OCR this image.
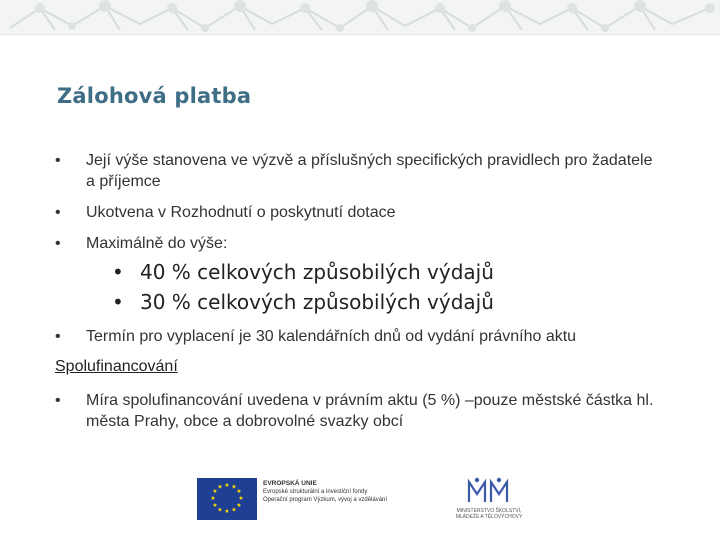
Zálohová platba
•	Její výše stanovena ve výzvě a příslušných specifických pravidlech pro žadatele a příjemce
•	Ukotvena v Rozhodnutí o poskytnutí dotace
•	Maximálně do výše:
• 40 % celkových způsobilých výdajů
• 30 % celkových způsobilých výdajů
•	Termín pro vyplacení je 30 kalendářních dnů od vydání právního aktu
Spolufinancování
•	Míra spolufinancování uvedena v právním aktu (5 %) –pouze městské částka hl. města Prahy, obce a dobrovolné svazky obcí
★ ★
★
★
★
★
★
★
★
★
★
★	EVROPSKÁ UNIE
Evropské strukturální a investiční fondy
Operační program Výzkum, vývoj a vzdělávání
MINISTERSTVO ŠKOLSTVÍ,
MLÁDEŽE A TĚLOVÝCHOVY
